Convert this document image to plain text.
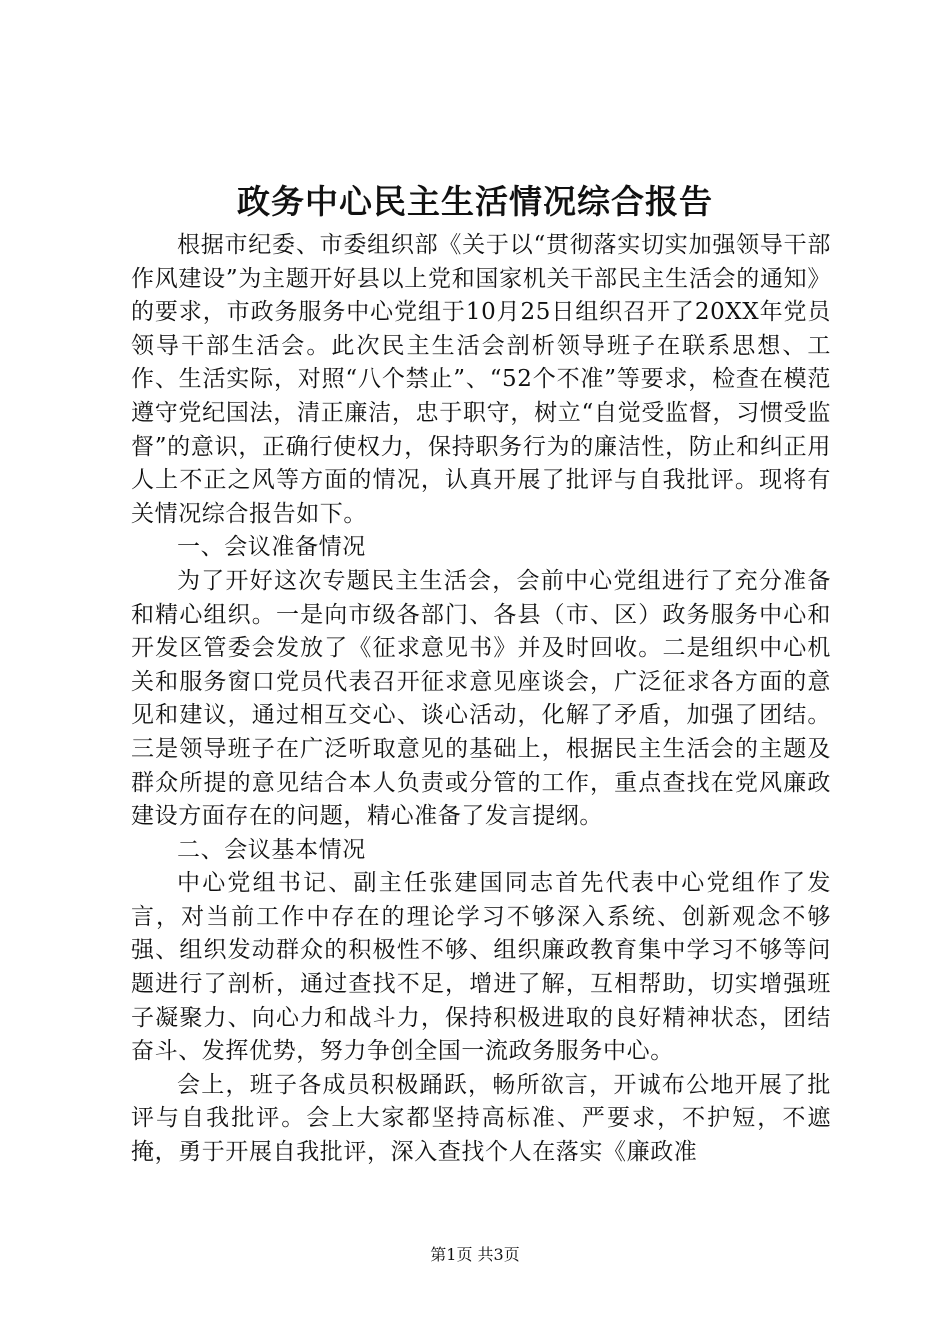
政务中心民主生活情况综合报告

根据市纪委、市委组织部《关于以“贯彻落实切实加强领导干部作风建设”为主题开好县以上党和国家机关干部民主生活会的通知》的要求，市政务服务中心党组于10月25日组织召开了20XX年党员领导干部生活会。此次民主生活会剖析领导班子在联系思想、工作、生活实际，对照“八个禁止”、“52个不准”等要求，检查在模范遵守党纪国法，清正廉洁，忠于职守，树立“自觉受监督，习惯受监督”的意识，正确行使权力，保持职务行为的廉洁性，防止和纠正用人上不正之风等方面的情况，认真开展了批评与自我批评。现将有关情况综合报告如下。

一、会议准备情况

为了开好这次专题民主生活会，会前中心党组进行了充分准备和精心组织。一是向市级各部门、各县（市、区）政务服务中心和开发区管委会发放了《征求意见书》并及时回收。二是组织中心机关和服务窗口党员代表召开征求意见座谈会，广泛征求各方面的意见和建议，通过相互交心、谈心活动，化解了矛盾，加强了团结。三是领导班子在广泛听取意见的基础上，根据民主生活会的主题及群众所提的意见结合本人负责或分管的工作，重点查找在党风廉政建设方面存在的问题，精心准备了发言提纲。

二、会议基本情况

中心党组书记、副主任张建国同志首先代表中心党组作了发言，对当前工作中存在的理论学习不够深入系统、创新观念不够强、组织发动群众的积极性不够、组织廉政教育集中学习不够等问题进行了剖析，通过查找不足，增进了解，互相帮助，切实增强班子凝聚力、向心力和战斗力，保持积极进取的良好精神状态，团结奋斗、发挥优势，努力争创全国一流政务服务中心。

会上，班子各成员积极踊跃，畅所欲言，开诚布公地开展了批评与自我批评。会上大家都坚持高标准、严要求，不护短，不遮掩，勇于开展自我批评，深入查找个人在落实《廉政准

第1页 共3页
